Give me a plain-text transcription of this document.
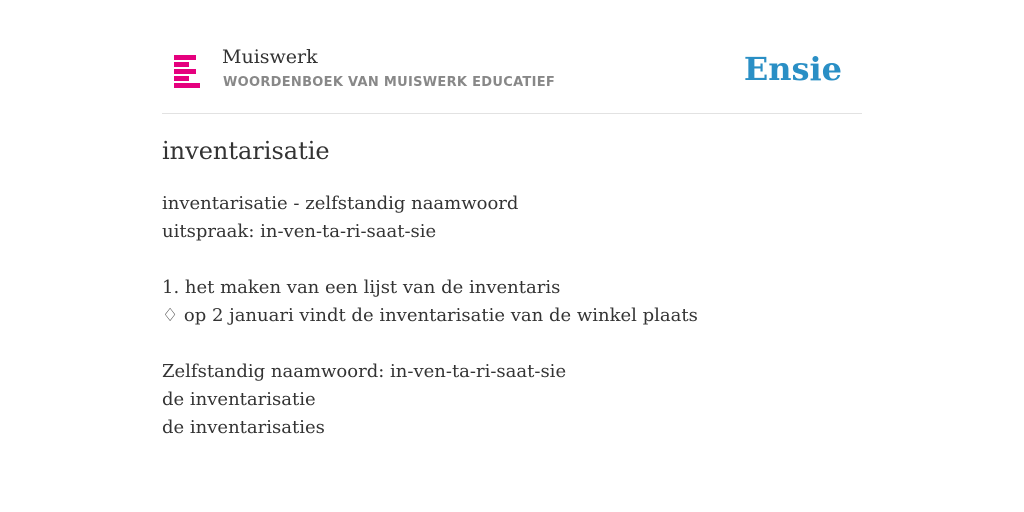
Muiswerk
WOORDENBOEK VAN MUISWERK EDUCATIEF	Ensie
inventarisatie
inventarisatie - zelfstandig naamwoord
uitspraak: in-ven-ta-ri-saat-sie
1. het maken van een lijst van de inventaris
♢ op 2 januari vindt de inventarisatie van de winkel plaats
Zelfstandig naamwoord: in-ven-ta-ri-saat-sie
de inventarisatie
de inventarisaties
